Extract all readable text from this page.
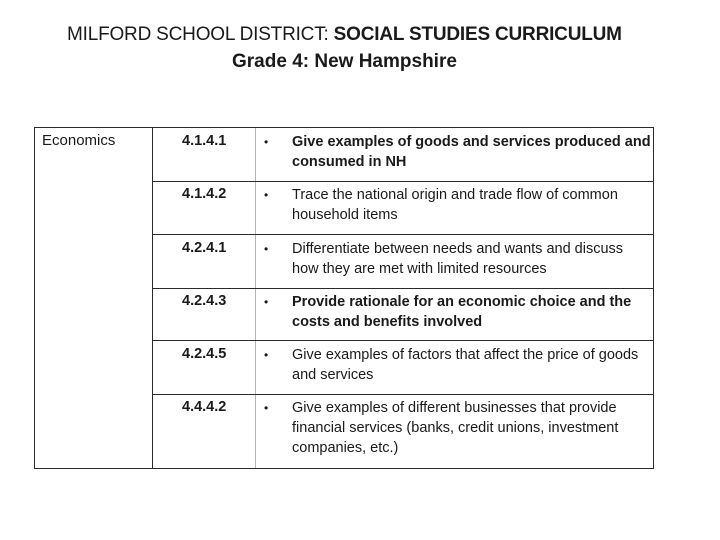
MILFORD SCHOOL DISTRICT: SOCIAL STUDIES CURRICULUM
Grade 4: New Hampshire
Economics	4.1.4.1	• Give examples of goods and services produced and
consumed in NH
4.1.4.2	• Trace the national origin and trade flow of common
household items
4.2.4.1	• Differentiate between needs and wants and discuss
how they are met with limited resources
4.2.4.3	• Provide rationale for an economic choice and the
costs and benefits involved
4.2.4.5	• Give examples of factors that affect the price of goods
and services
4.4.4.2	• Give examples of different businesses that provide
financial services (banks, credit unions, investment
companies, etc.)
